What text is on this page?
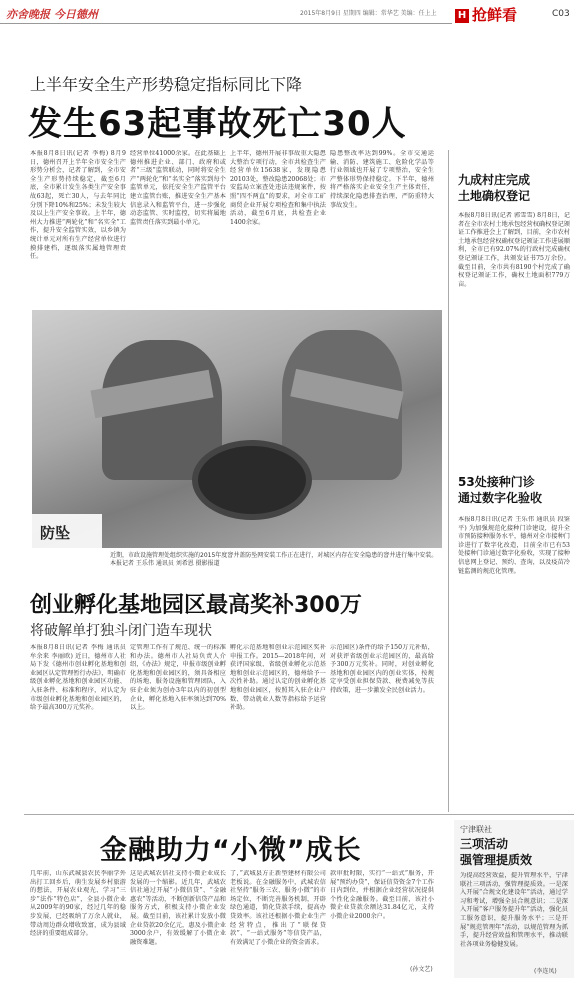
亦舍晚报 今日德州	2015年8月9日 星期四 编辑：常华艺 美编：任上上 H 抢鲜看	C03
上半年安全生产形势稳定指标同比下降
发生63起事故死亡30人
本报8月8日讯(记者 李梅) 8月9日，德州召开上半年全市安全生产形势分析会，记者了解到，全市安全生产形势持续稳定，截至6月底，全市累计发生各类生产安全事故63起，死亡30人，与去年同比分别下降10%和25%；未发生较大及以上生产安全事故。上半年，德州大力推进“两轮化”和“名实全”工作，提升安全监管实效，以乡镇为统计单元对所有生产经营单位进行摸排建档，逐级落实属地管理责任。
经营单位41000余家。在此基础上德州推进企业、部门、政府和或者“三级”监管联动，同时将安全生产“两轮化”和“名实全”落实到每个监管单元，依托安全生产监管平台建立监管台账，推进安全生产基本信息录入和监管平台，进一步强化动态监管、实时监控，切实将属地监管责任落实到最小单元。
上半年，德州开展非事故重大隐患大整治专项行动，全市共检查生产经营单位15638家，发现隐患20103处，整改隐患20068处；市安监局立案查处违法违规案件，按照“四不两直”的要求，对全市工矿商贸企业开展专项检查和集中执法活动，截至6月底，共检查企业1400余家。
隐患整改率达到99%。全市交通运输、消防、建筑施工、危险化学品等行业领域也开展了专项整治，安全生产整体形势保持稳定。下半年，德州将严格落实企业安全生产主体责任，持续深化隐患排查治理，严防重特大事故发生。
九成村庄完成
土地确权登记
本报8月8日讯(记者 郭雪雪) 8月8日，记者在全市农村土地承包经营权确权登记颁证工作推进会上了解到，目前，全市农村土地承包经营权确权登记颁证工作进展顺利，全市已有92.07%的行政村完成确权登记颁证工作，共颁发证书75万余份。截至目前，全市共有8190个村完成了确权登记颁证工作，确权土地面积779万亩。
53处接种门诊
通过数字化验收
本报8月8日讯(记者 王乐伟 通讯员 段鉴平) 为加强规范化接种门诊建设，提升全市预防接种服务水平，德州对全市接种门诊进行了数字化改造，目前全市已有53处接种门诊通过数字化验收，实现了接种信息网上登记、预约、查询，以及疫苗冷链监测的规范化管理。
防坠
近期，市政设施管理处组织实施的2015年度窨井盖防坠网安装工作正在进行，对城区内存在安全隐患的窨井进行集中安装。本报记者 王乐伟 通讯员 刘希恩 摄影报道
创业孵化基地园区最高奖补300万
将破解单打独斗闭门造车现状
本报8月8日讯(记者 李梅 通讯员 牟余来 李丽欧) 近日，德州市人社局下发《德州市创业孵化基地和创业园区认定管理暂行办法》，明确市级创业孵化基地和创业园区功能、入驻条件、标准和程序，对认定为市级创业孵化基地和创业园区的，给予最高300万元奖补。
定管理工作有了规范、统一的标准和办法。德州市人社局负责人介绍，《办法》规定，申报市级创业孵化基地和创业园区的，须具备相应的场地、服务设施和管理团队，入驻企业须为创办3年以内的初创型企业，孵化基地入驻率须达到70%以上。
孵化示范基地和创业示范园区奖补申报工作。2015—2018年间，对获评国家级、省级创业孵化示范基地和创业示范园区的，德州给予一次性补助。通过认定的创业孵化基地和创业园区，按照其入驻企业户数、带动就业人数等指标给予运营补助。
示范园区)条件的给予150万元补贴，对获评省级创业示范园区的，最高给予300万元奖补。同时，对创业孵化基地和创业园区内的创业实体，按规定享受创业担保贷款、税费减免等扶持政策，进一步激发全民创业活力。
金融助力“小微”成长
几年前，山东武城县农民李丽学外出打工回乡后，萌生发展乡村旅游的想法，开展农业观光、学习“三步”法作“特色店”，全县小微企业从2009年的90家，经过几年的稳步发展，已经吸纳了万余人就业，带动周边群众增收致富，成为县域经济的重要组成部分。
这是武城农信社支持小微企业成长发展的一个缩影。近几年，武城农信社通过开展“小微信贷”、“金融惠农”等活动，不断创新信贷产品和服务方式，积极支持小微企业发展。截至目前，该社累计发放小微企业贷款20余亿元，惠及小微企业3000余户，有效缓解了小微企业融资难题。
了，”武城县方正新型建材有限公司老板说。在金融服务中，武城农信社坚持“服务三农、服务小微”的市场定位，不断完善服务机制，开辟绿色通道，简化贷款手续，提高办贷效率。该社还根据小微企业生产经营特点，推出了“联保贷款”、“一站式服务”等信贷产品，有效满足了小微企业的资金需求。
款审批时限，实行“一站式”服务，开展“预约办贷”，保证信贷资金7个工作日内到位，并根据企业经营状况提供个性化金融服务。截至目前，该社小微企业贷款余额达31.84亿元，支持小微企业2000余户。
(孙文艺)
宁津联社
三项活动
强管理提质效
为提高经营效益，提升管理水平，宁津联社三项活动，强管理提质效。一是深入开展“合规文化建设年”活动，通过学习和考试，增强全员合规意识；二是深入开展“客户服务提升年”活动，强化员工服务意识，提升服务水平；三是开展“规范管理年”活动，以规范管理为抓手，提升经营效益和管理水平，推动联社各项业务稳健发展。
(李连凤)
